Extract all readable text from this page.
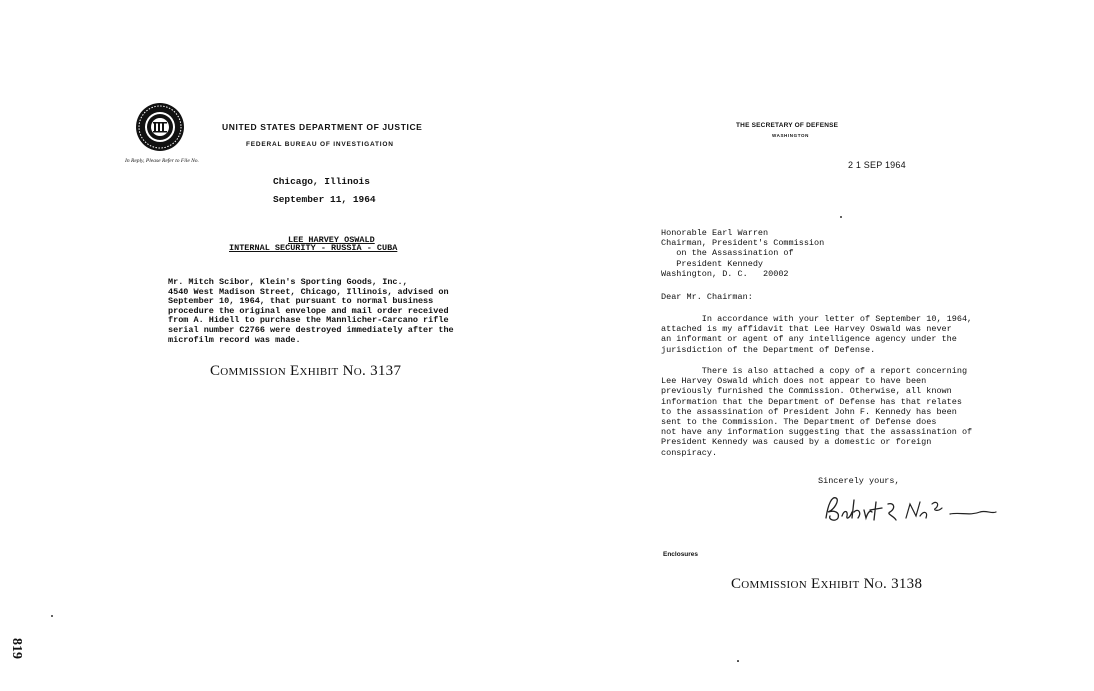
UNITED STATES DEPARTMENT OF JUSTICE
FEDERAL BUREAU OF INVESTIGATION
In Reply, Please Refer to File No.
Chicago, Illinois
September 11, 1964
LEE HARVEY OSWALD
INTERNAL SECURITY - RUSSIA - CUBA
Mr. Mitch Scibor, Klein's Sporting Goods, Inc.,
4540 West Madison Street, Chicago, Illinois, advised on
September 10, 1964, that pursuant to normal business
procedure the original envelope and mail order received
from A. Hidell to purchase the Mannlicher-Carcano rifle
serial number C2766 were destroyed immediately after the
microfilm record was made.
Commission Exhibit No. 3137
THE SECRETARY OF DEFENSE
WASHINGTON
2 1 SEP 1964
Honorable Earl Warren
Chairman, President's Commission
on the Assassination of
President Kennedy
Washington, D. C.   20002
Dear Mr. Chairman:
In accordance with your letter of September 10, 1964,
attached is my affidavit that Lee Harvey Oswald was never
an informant or agent of any intelligence agency under the
jurisdiction of the Department of Defense.
There is also attached a copy of a report concerning
Lee Harvey Oswald which does not appear to have been
previously furnished the Commission. Otherwise, all known
information that the Department of Defense has that relates
to the assassination of President John F. Kennedy has been
sent to the Commission. The Department of Defense does
not have any information suggesting that the assassination of
President Kennedy was caused by a domestic or foreign
conspiracy.
Sincerely yours,
Enclosures
Commission Exhibit No. 3138
819
